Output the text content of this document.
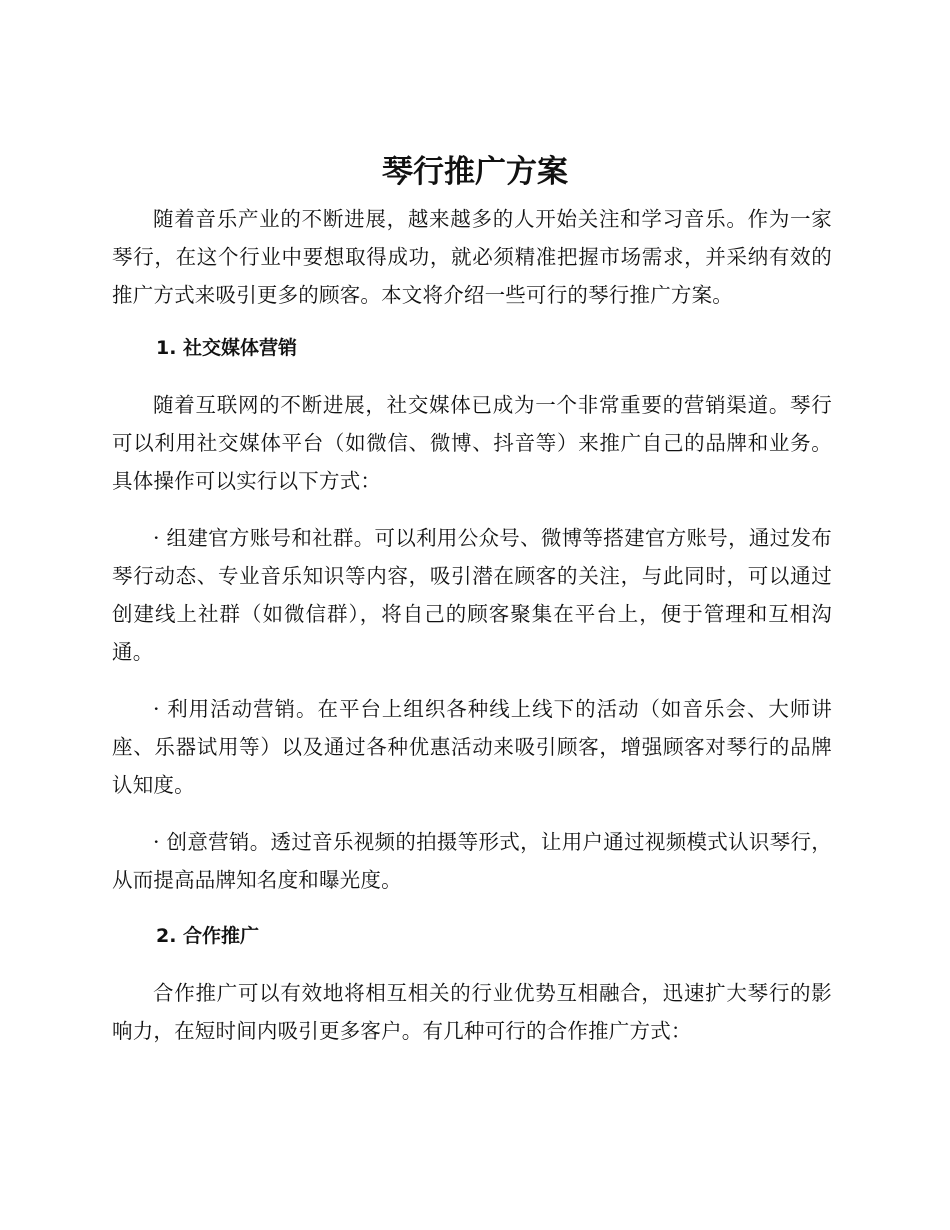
琴行推广方案

随着音乐产业的不断进展，越来越多的人开始关注和学习音乐。作为一家琴行，在这个行业中要想取得成功，就必须精准把握市场需求，并采纳有效的推广方式来吸引更多的顾客。本文将介绍一些可行的琴行推广方案。

1. 社交媒体营销

随着互联网的不断进展，社交媒体已成为一个非常重要的营销渠道。琴行可以利用社交媒体平台（如微信、微博、抖音等）来推广自己的品牌和业务。具体操作可以实行以下方式：

· 组建官方账号和社群。可以利用公众号、微博等搭建官方账号，通过发布琴行动态、专业音乐知识等内容，吸引潜在顾客的关注，与此同时，可以通过创建线上社群（如微信群），将自己的顾客聚集在平台上，便于管理和互相沟通。

· 利用活动营销。在平台上组织各种线上线下的活动（如音乐会、大师讲座、乐器试用等）以及通过各种优惠活动来吸引顾客，增强顾客对琴行的品牌认知度。

· 创意营销。透过音乐视频的拍摄等形式，让用户通过视频模式认识琴行，从而提高品牌知名度和曝光度。

2. 合作推广

合作推广可以有效地将相互相关的行业优势互相融合，迅速扩大琴行的影响力，在短时间内吸引更多客户。有几种可行的合作推广方式：
